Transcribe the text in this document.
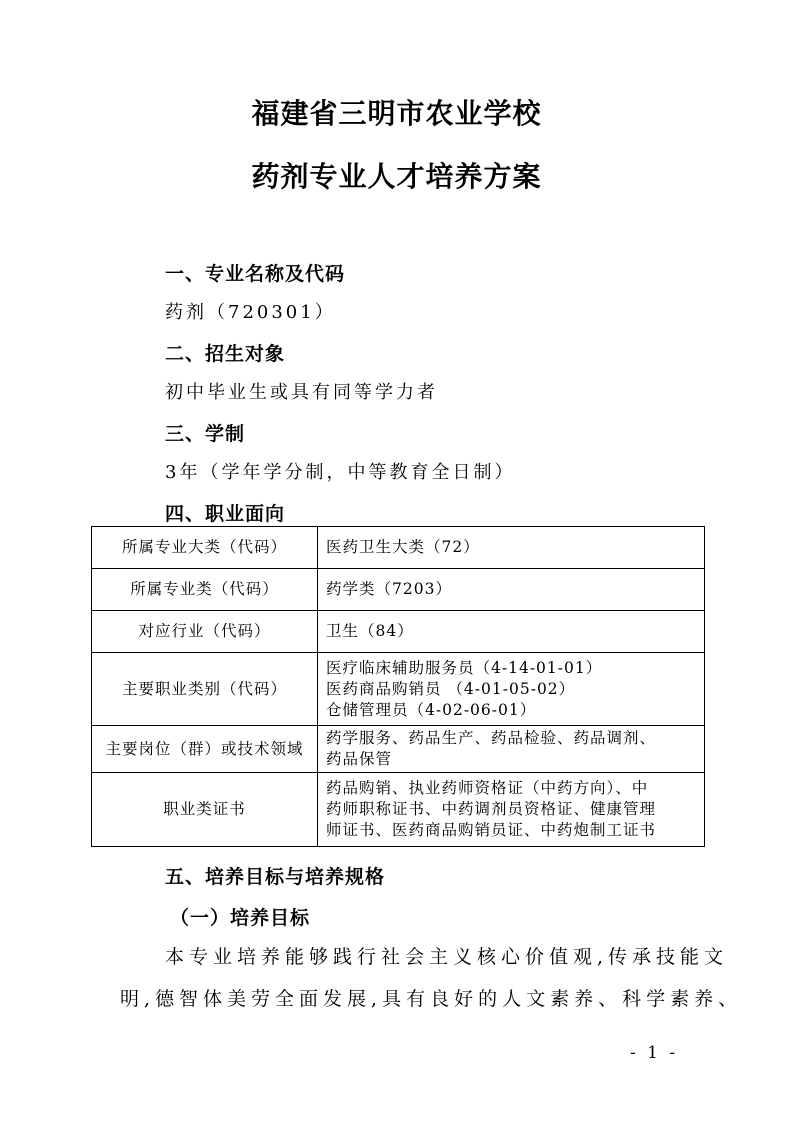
福建省三明市农业学校
药剂专业人才培养方案
一、专业名称及代码
药剂（720301）
二、招生对象
初中毕业生或具有同等学力者
三、学制
3年（学年学分制，中等教育全日制）
四、职业面向
所属专业大类（代码）	医药卫生大类（72）

所属专业类（代码）	药学类（7203）

对应行业（代码）	卫生（84）

主要职业类别（代码）	医疗临床辅助服务员（4-14-01-01）
医药商品购销员 （4-01-05-02）
仓储管理员（4-02-06-01）

主要岗位（群）或技术领域	药学服务、药品生产、药品检验、药品调剂、
药品保管

职业类证书	药品购销、执业药师资格证（中药方向）、中
药师职称证书、中药调剂员资格证、健康管理
师证书、医药商品购销员证、中药炮制工证书
五、培养目标与培养规格
（一）培养目标
本专业培养能够践行社会主义核心价值观,传承技能文
明,德智体美劳全面发展,具有良好的人文素养、科学素养、
- 1 -
